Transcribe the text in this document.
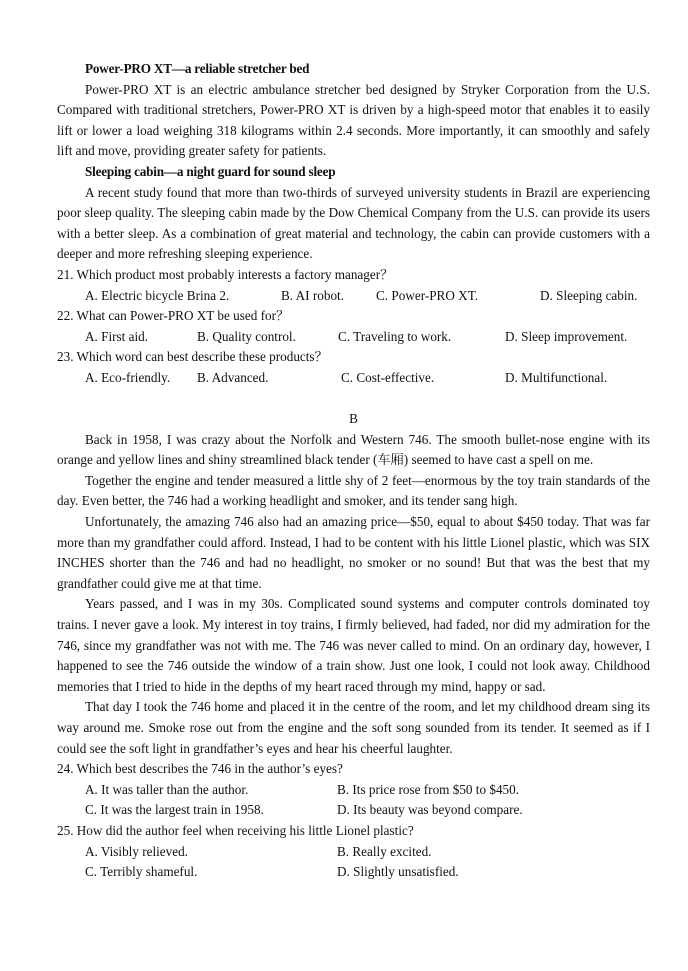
Power-PRO XT—a reliable stretcher bed

Power-PRO XT is an electric ambulance stretcher bed designed by Stryker Corporation from the U.S. Compared with traditional stretchers, Power-PRO XT is driven by a high-speed motor that enables it to easily lift or lower a load weighing 318 kilograms within 2.4 seconds. More importantly, it can smoothly and safely lift and move, providing greater safety for patients.

Sleeping cabin—a night guard for sound sleep

A recent study found that more than two-thirds of surveyed university students in Brazil are experiencing poor sleep quality. The sleeping cabin made by the Dow Chemical Company from the U.S. can provide its users with a better sleep. As a combination of great material and technology, the cabin can provide customers with a deeper and more refreshing sleeping experience.

21. Which product most probably interests a factory manager？

A. Electric bicycle Brina 2.	B. AI robot.	C. Power-PRO XT.	D. Sleeping cabin.

22. What can Power-PRO XT be used for？

A. First aid.	B. Quality control.	C. Traveling to work.	D. Sleep improvement.

23. Which word can best describe these products？

A. Eco-friendly.	B. Advanced.	C. Cost-effective.	D. Multifunctional.

B

Back in 1958, I was crazy about the Norfolk and Western 746. The smooth bullet-nose engine with its orange and yellow lines and shiny streamlined black tender (车厢) seemed to have cast a spell on me.

Together the engine and tender measured a little shy of 2 feet—enormous by the toy train standards of the day. Even better, the 746 had a working headlight and smoker, and its tender sang high.

Unfortunately, the amazing 746 also had an amazing price—$50, equal to about $450 today. That was far more than my grandfather could afford. Instead, I had to be content with his little Lionel plastic, which was SIX INCHES shorter than the 746 and had no headlight, no smoker or no sound! But that was the best that my grandfather could give me at that time.

Years passed, and I was in my 30s. Complicated sound systems and computer controls dominated toy trains. I never gave a look. My interest in toy trains, I firmly believed, had faded, nor did my admiration for the 746, since my grandfather was not with me. The 746 was never called to mind. On an ordinary day, however, I happened to see the 746 outside the window of a train show. Just one look, I could not look away. Childhood memories that I tried to hide in the depths of my heart raced through my mind, happy or sad.

That day I took the 746 home and placed it in the centre of the room, and let my childhood dream sing its way around me. Smoke rose out from the engine and the soft song sounded from its tender. It seemed as if I could see the soft light in grandfather’s eyes and hear his cheerful laughter.

24. Which best describes the 746 in the author’s eyes?

A. It was taller than the author.	B. Its price rose from $50 to $450.
C. It was the largest train in 1958.	D. Its beauty was beyond compare.

25. How did the author feel when receiving his little Lionel plastic?

A. Visibly relieved.	B. Really excited.
C. Terribly shameful.	D. Slightly unsatisfied.
